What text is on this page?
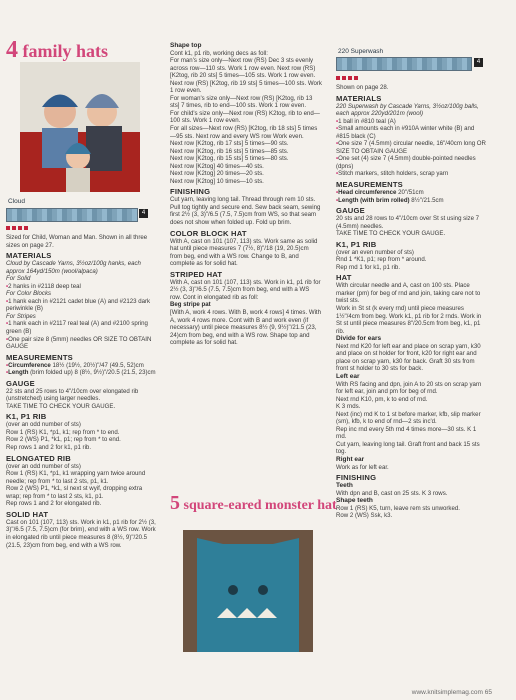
4 family hats
Cloud
4

Sized for Child, Woman and Man. Shown in all three sizes on page 27.

MATERIALS

Cloud by Cascade Yarns, 3½oz/100g hanks, each approx 164yd/150m (wool/alpaca)

For Solid

• 2 hanks in #2118 deep teal

For Color Blocks

• 1 hank each in #2121 cadet blue (A) and #2123 dark periwinkle (B)

For Stripes

• 1 hank each in #2117 real teal (A) and #2100 spring green (B)

• One pair size 8 (5mm) needles OR SIZE TO OBTAIN GAUGE

MEASUREMENTS

• Circumference 18½ (19½, 20½)"/47 (49.5, 52)cm

• Length (brim folded up) 8 (8½, 9½)"/20.5 (21.5, 23)cm

GAUGE

22 sts and 25 rows to 4"/10cm over elongated rib (unstretched) using larger needles.

TAKE TIME TO CHECK YOUR GAUGE.

K1, P1 RIB

(over an odd number of sts)

Row 1 (RS) K1, *p1, k1; rep from * to end.

Row 2 (WS) P1, *k1, p1; rep from * to end.

Rep rows 1 and 2 for k1, p1 rib.

ELONGATED RIB

(over an odd number of sts)

Row 1 (RS) K1, *p1, k1 wrapping yarn twice around needle; rep from * to last 2 sts, p1, k1.

Row 2 (WS) P1, *k1, sl next st wyif, dropping extra wrap; rep from * to last 2 sts, k1, p1.

Rep rows 1 and 2 for elongated rib.

SOLID HAT

Cast on 101 (107, 113) sts. Work in k1, p1 rib for 2½ (3, 3)"/6.5 (7.5, 7.5)cm (for brim), end with a WS row. Work in elongated rib until piece measures 8 (8½, 9)"/20.5 (21.5, 23)cm from beg, end with a WS row.

Shape top

Cont k1, p1 rib, working decs as foll:

For man's size only—Next row (RS) Dec 3 sts evenly across row—110 sts. Work 1 row even. Next row (RS) [K2tog, rib 20 sts] 5 times—105 sts. Work 1 row even. Next row (RS) [K2tog, rib 19 sts] 5 times—100 sts. Work 1 row even.

For woman's size only—Next row (RS) [K2tog, rib 13 sts] 7 times, rib to end—100 sts. Work 1 row even.

For child's size only—Next row (RS) K2tog, rib to end—100 sts. Work 1 row even.

For all sizes—Next row (RS) [K2tog, rib 18 sts] 5 times—95 sts. Next row and every WS row Work even.

Next row [K2tog, rib 17 sts] 5 times—90 sts.

Next row [K2tog, rib 16 sts] 5 times—85 sts.

Next row [K2tog, rib 15 sts] 5 times—80 sts.

Next row [K2tog] 40 times—40 sts.

Next row [K2tog] 20 times—20 sts.

Next row [K2tog] 10 times—10 sts.

FINISHING

Cut yarn, leaving long tail. Thread through rem 10 sts. Pull tog tightly and secure end. Sew back seam, sewing first 2½ (3, 3)"/6.5 (7.5, 7.5)cm from WS, so that seam does not show when folded up. Fold up brim.

COLOR BLOCK HAT

With A, cast on 101 (107, 113) sts. Work same as solid hat until piece measures 7 (7½, 8)"/18 (19, 20.5)cm from beg, end with a WS row. Change to B, and complete as for solid hat.

STRIPED HAT

With A, cast on 101 (107, 113) sts. Work in k1, p1 rib for 2½ (3, 3)"/6.5 (7.5, 7.5)cm from beg, end with a WS row. Cont in elongated rib as foll:

Beg stripe pat

[With A, work 4 rows. With B, work 4 rows] 4 times. With A, work 4 rows more. Cont with B and work even (if necessary) until piece measures 8½ (9, 9½)"/21.5 (23, 24)cm from beg, end with a WS row. Shape top and complete as for solid hat.

5 square-eared monster hat
220 Superwash
4

Shown on page 28.

MATERIALS

220 Superwash by Cascade Yarns, 3½oz/100g balls, each approx 220yd/201m (wool)

• 1 ball in #810 teal (A)

• Small amounts each in #910A winter white (B) and #815 black (C)

• One size 7 (4.5mm) circular needle, 16"/40cm long OR SIZE TO OBTAIN GAUGE

• One set (4) size 7 (4.5mm) double-pointed needles (dpns)

• Stitch markers, stitch holders, scrap yarn

MEASUREMENTS

• Head circumference 20"/51cm

• Length (with brim rolled) 8½"/21.5cm

GAUGE

20 sts and 28 rows to 4"/10cm over St st using size 7 (4.5mm) needles.

TAKE TIME TO CHECK YOUR GAUGE.

K1, P1 RIB

(over an even number of sts)

Rnd 1 *K1, p1; rep from * around.

Rep rnd 1 for k1, p1 rib.

HAT

With circular needle and A, cast on 100 sts. Place marker (pm) for beg of rnd and join, taking care not to twist sts.

Work in St st (k every rnd) until piece measures 1½"/4cm from beg. Work k1, p1 rib for 2 rnds. Work in St st until piece measures 8"/20.5cm from beg, k1, p1 rib.

Divide for ears

Next rnd K20 for left ear and place on scrap yarn, k30 and place on st holder for front, k20 for right ear and place on scrap yarn, k30 for back. Graft 30 sts from front st holder to 30 sts for back.

Left ear

With RS facing and dpn, join A to 20 sts on scrap yarn for left ear, join and pm for beg of rnd.

Next rnd K10, pm, k to end of rnd.

K 3 rnds.

Next (inc) rnd K to 1 st before marker, kfb, slip marker (sm), kfb, k to end of rnd—2 sts inc'd.

Rep inc rnd every 5th rnd 4 times more—30 sts. K 1 rnd.

Cut yarn, leaving long tail. Graft front and back 15 sts tog.

Right ear

Work as for left ear.

FINISHING

Teeth

With dpn and B, cast on 25 sts. K 3 rows.

Shape teeth

Row 1 (RS) K5, turn, leave rem sts unworked.

Row 2 (WS) Ssk, k3.

www.knitsimplemag.com 65
